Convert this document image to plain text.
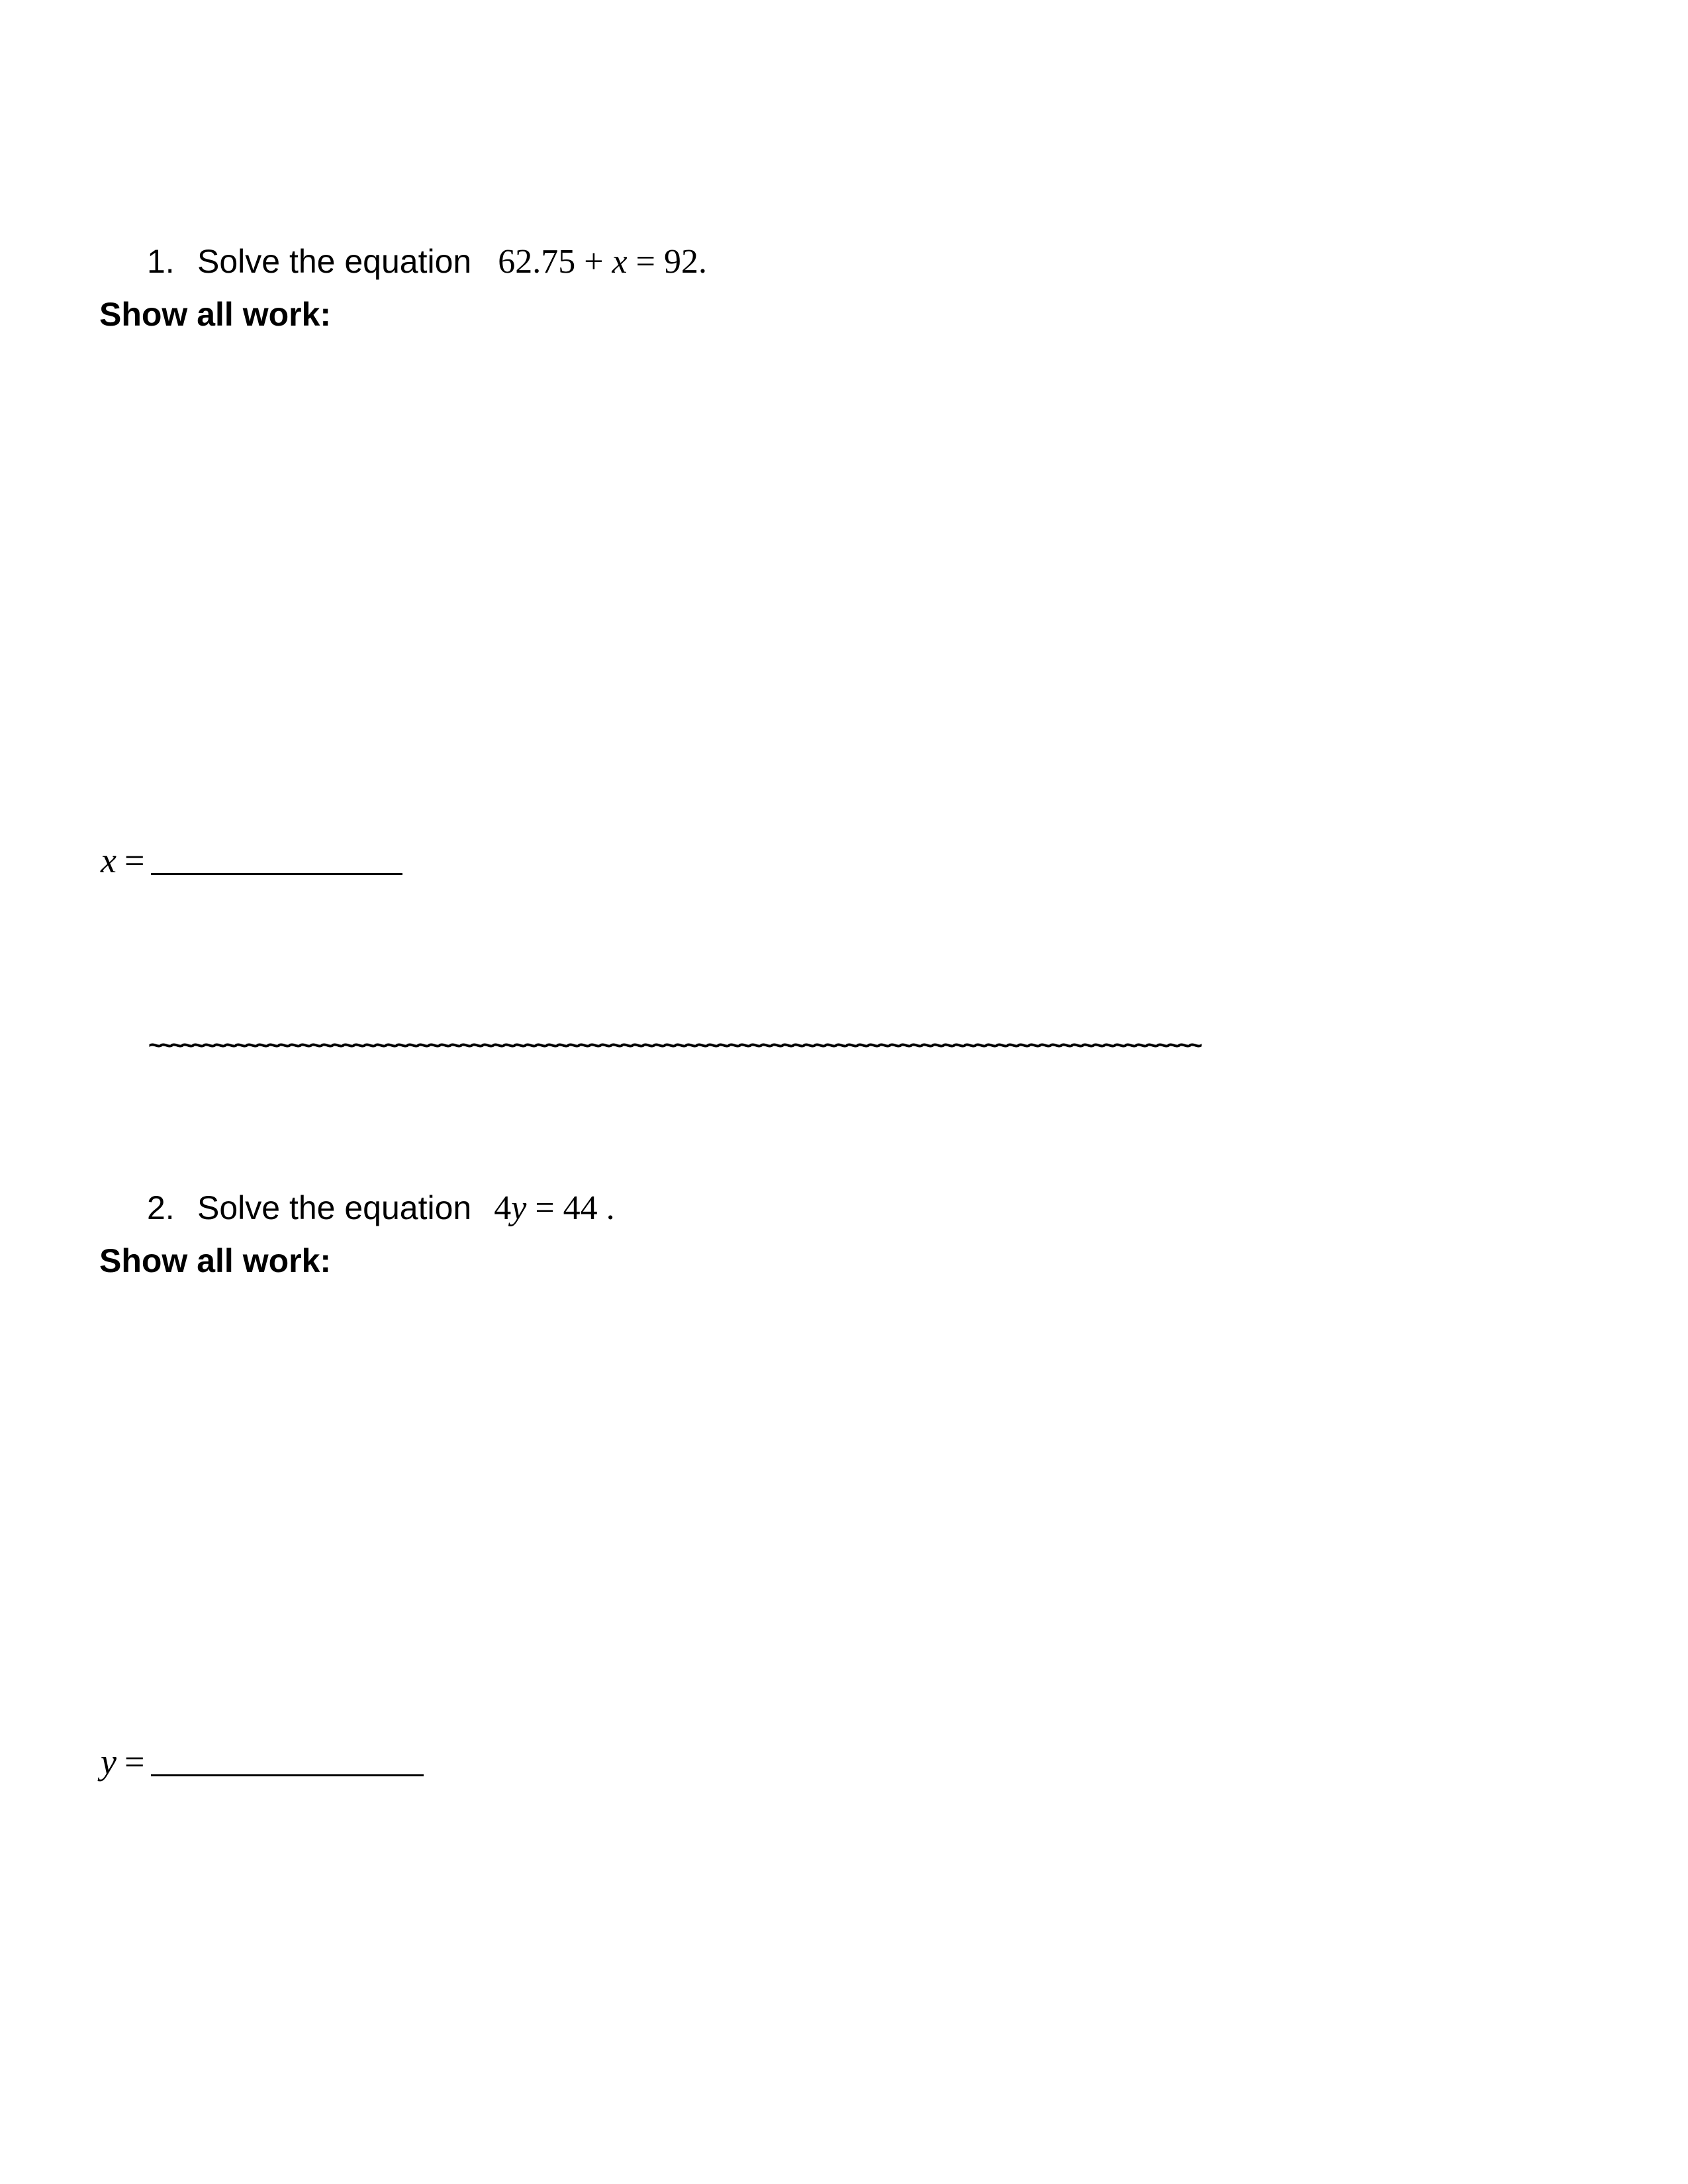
1. Solve the equation 62.75 + x = 92.
Show all work:
x =
~~~~~~~~~~~~~~~~~~~~~~~~~~~~~~~~~~~~~~~~~~~~~~~~~~~~~~~~~~~~~~~~~~~~~~~~~~~~~~~~~~~~~~~~~~~~~~~~~~
2. Solve the equation 4y = 44 .
Show all work:
y =
